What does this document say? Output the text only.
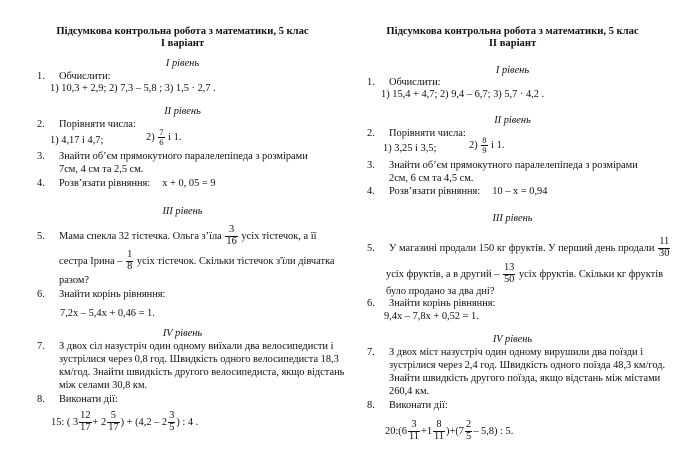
Підсумкова контрольна робота з математики, 5 клас
І варіант
І рівень
1. Обчислити:
1) 10,3 + 2,9; 2) 7,3 – 5,8 ; 3) 1,5 · 2,7 .
ІІ рівень
2. Порівняти числа:
1) 4,17 і 4,7;	$2) \frac{7}{6}$ і 1.
3. Знайти об’єм прямокутного паралелепіпеда з розмірами
7см, 4 см та 2,5 см.
4. Розв’язати рівняння: x + 0, 05 = 9
ІІІ рівень
5. Мама спекла 32 тістечка. Ольга з’їла $\frac{3}{16}$ усіх тістечок, а її
сестра Ірина – $\frac{1}{8}$ усіх тістечок. Скільки тістечок з'їли дівчатка
разом?
6. Знайти корінь рівняння:
7,2x – 5,4x + 0,46 = 1.
ІV рівень
7. З двох сіл назустріч один одному виїхали два велосипедисти і
зустрілися через 0,8 год. Швидкість одного велосипедиста 18,3
км/год. Знайти швидкість другого велосипедиста, якщо відстань
між селами 30,8 км.
8. Виконати дії:
15: ( $3 \frac{12}{17} + 2 \frac{5}{17}$ ) + ($4,2 - 2 \frac{3}{5}$ ) : 4 .
Підсумкова контрольна робота з математики, 5 клас
ІІ варіант
І рівень
1. Обчислити:
1) 15,4 + 4,7; 2) 9,4 – 6,7; 3) 5,7 · 4,2 .
ІІ рівень
2. Порівняти числа:
1) 3,25 і 3,5;	$2) \frac{8}{9}$ і 1.
3. Знайти об’єм прямокутного паралелепіпеда з розмірами
2см, 6 см та 4,5 см.
4. Розв’язати рівняння: 10 – x = 0,94
ІІІ рівень
5. У магазині продали 150 кг фруктів. У перший день продали $\frac{11}{30}$
усіх фруктів, а в другий – $\frac{13}{50}$ усіх фруктів. Скільки кг фруктів
було продано за два дні?
6. Знайти корінь рівняння:
9,4x – 7,8x + 0,52 = 1.
ІV рівень
7. З двох міст назустріч один одному вирушили два поїзди і
зустрілися через 2,4 год. Швидкість одного поїзда 48,3 км/год.
Знайти швидкість другого поїзда, якщо відстань між містами
260,4 км.
8. Виконати дії:
20:(6 $\frac{3}{11} +1 \frac{8}{11} )+(7 \frac{2}{5} - 5,8)$ : 5.
